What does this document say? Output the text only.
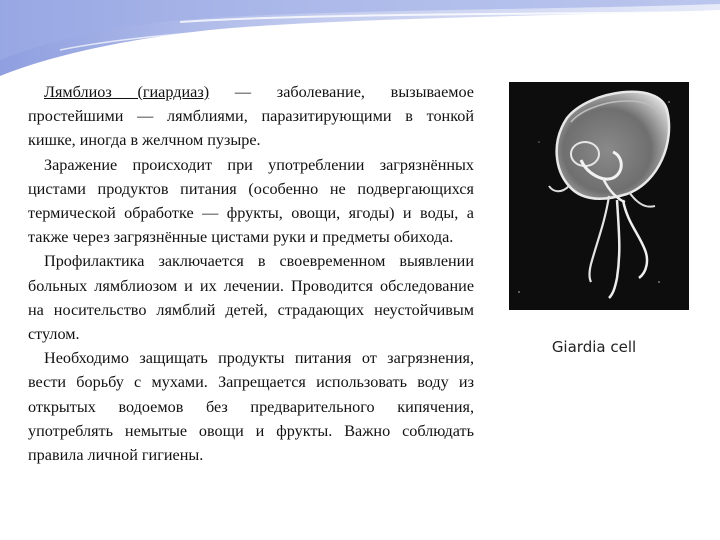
Лямблиоз (гиардиаз) — заболевание, вызываемое простейшими — лямблиями, паразитирующими в тонкой кишке, иногда в желчном пузыре.

Заражение происходит при употреблении загрязнённых цистами продуктов питания (особенно не подвергающихся термической обработке — фрукты, овощи, ягоды) и воды, а также через загрязнённые цистами руки и предметы обихода.

Профилактика заключается в своевременном выявлении больных лямблиозом и их лечении. Проводится обследование на носительство лямблий детей, страдающих неустойчивым стулом.

Необходимо защищать продукты питания от загрязнения, вести борьбу с мухами. Запрещается использовать воду из открытых водоемов без предварительного кипячения, употреблять немытые овощи и фрукты. Важно соблюдать правила личной гигиены.

Giardia cell
